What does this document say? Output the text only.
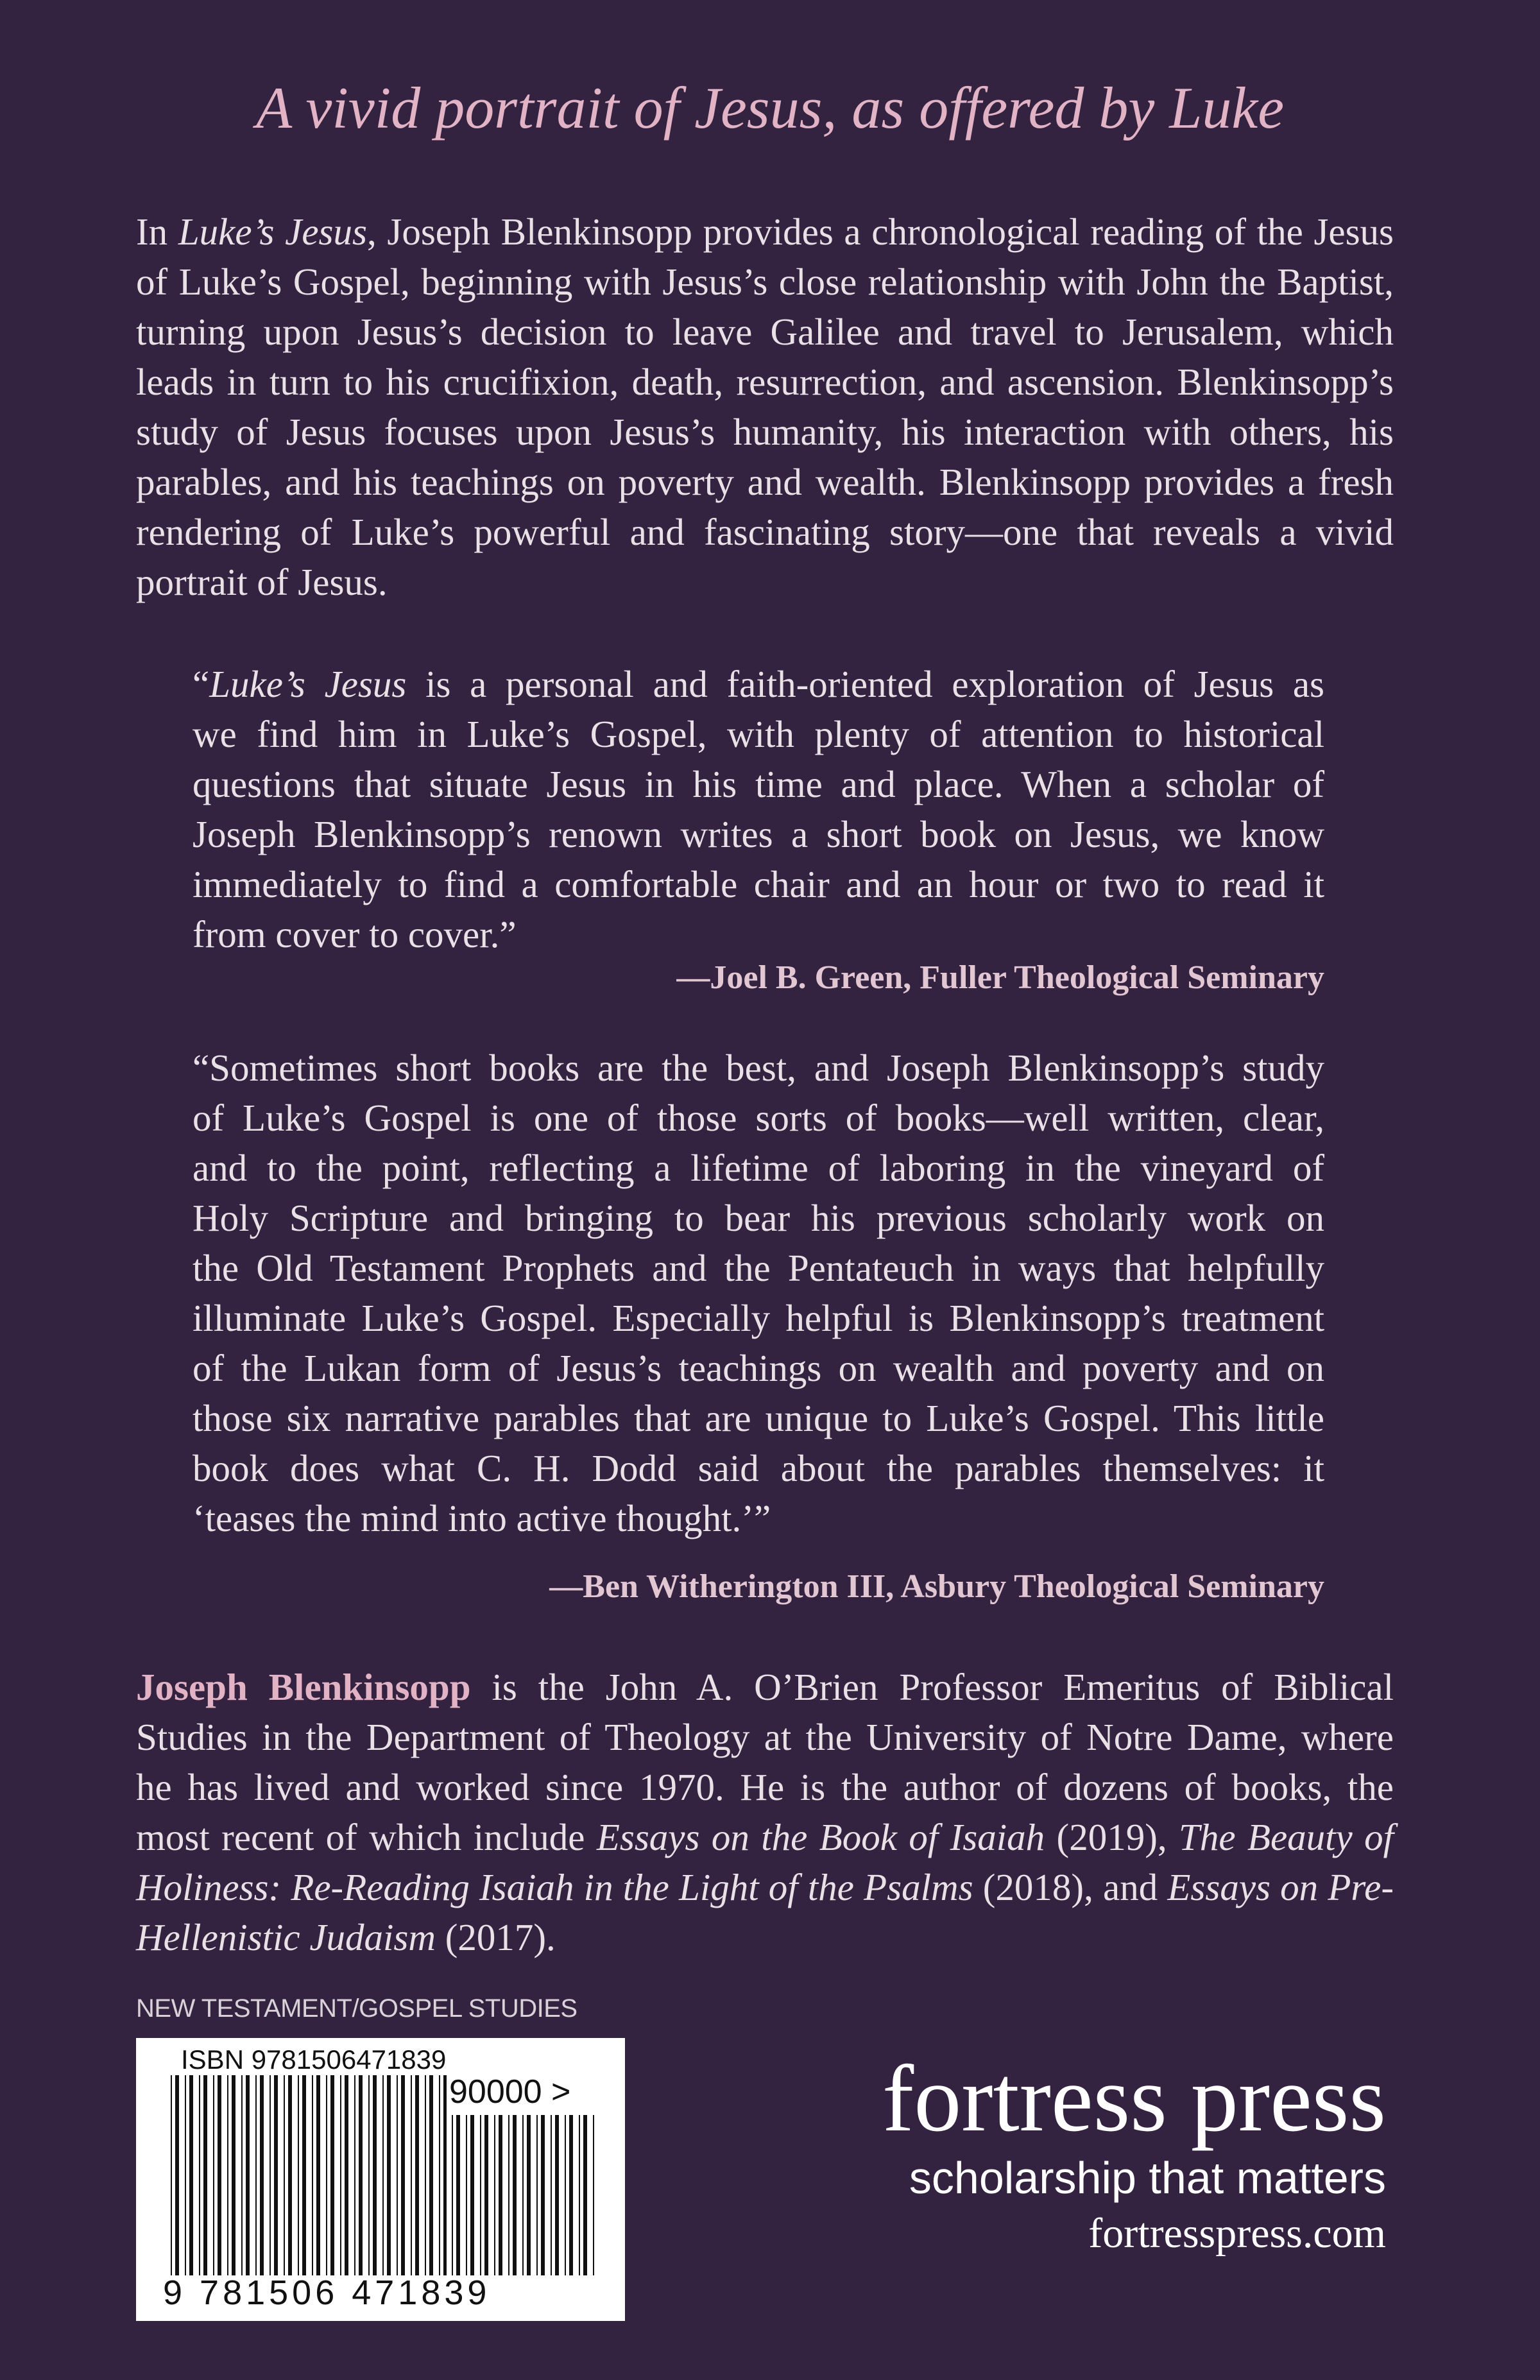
A vivid portrait of Jesus, as offered by Luke
In Luke’s Jesus, Joseph Blenkinsopp provides a chronological reading of the Jesus
of Luke’s Gospel, beginning with Jesus’s close relationship with John the Baptist,
turning upon Jesus’s decision to leave Galilee and travel to Jerusalem, which
leads in turn to his crucifixion, death, resurrection, and ascension. Blenkinsopp’s
study of Jesus focuses upon Jesus’s humanity, his interaction with others, his
parables, and his teachings on poverty and wealth. Blenkinsopp provides a fresh
rendering of Luke’s powerful and fascinating story—one that reveals a vivid
portrait of Jesus.
“Luke’s Jesus is a personal and faith-oriented exploration of Jesus as
we find him in Luke’s Gospel, with plenty of attention to historical
questions that situate Jesus in his time and place. When a scholar of
Joseph Blenkinsopp’s renown writes a short book on Jesus, we know
immediately to find a comfortable chair and an hour or two to read it
from cover to cover.”
—Joel B. Green, Fuller Theological Seminary
“Sometimes short books are the best, and Joseph Blenkinsopp’s study
of Luke’s Gospel is one of those sorts of books—well written, clear,
and to the point, reflecting a lifetime of laboring in the vineyard of
Holy Scripture and bringing to bear his previous scholarly work on
the Old Testament Prophets and the Pentateuch in ways that helpfully
illuminate Luke’s Gospel. Especially helpful is Blenkinsopp’s treatment
of the Lukan form of Jesus’s teachings on wealth and poverty and on
those six narrative parables that are unique to Luke’s Gospel. This little
book does what C. H. Dodd said about the parables themselves: it
‘teases the mind into active thought.’”
—Ben Witherington III, Asbury Theological Seminary
Joseph Blenkinsopp is the John A. O’Brien Professor Emeritus of Biblical
Studies in the Department of Theology at the University of Notre Dame, where
he has lived and worked since 1970. He is the author of dozens of books, the
most recent of which include Essays on the Book of Isaiah (2019), The Beauty of
Holiness: Re-Reading Isaiah in the Light of the Psalms (2018), and Essays on Pre-
Hellenistic Judaism (2017).
NEW TESTAMENT/GOSPEL STUDIES
ISBN 9781506471839
90000 >
9 781506 471839
fortress press
scholarship that matters
fortresspress.com
